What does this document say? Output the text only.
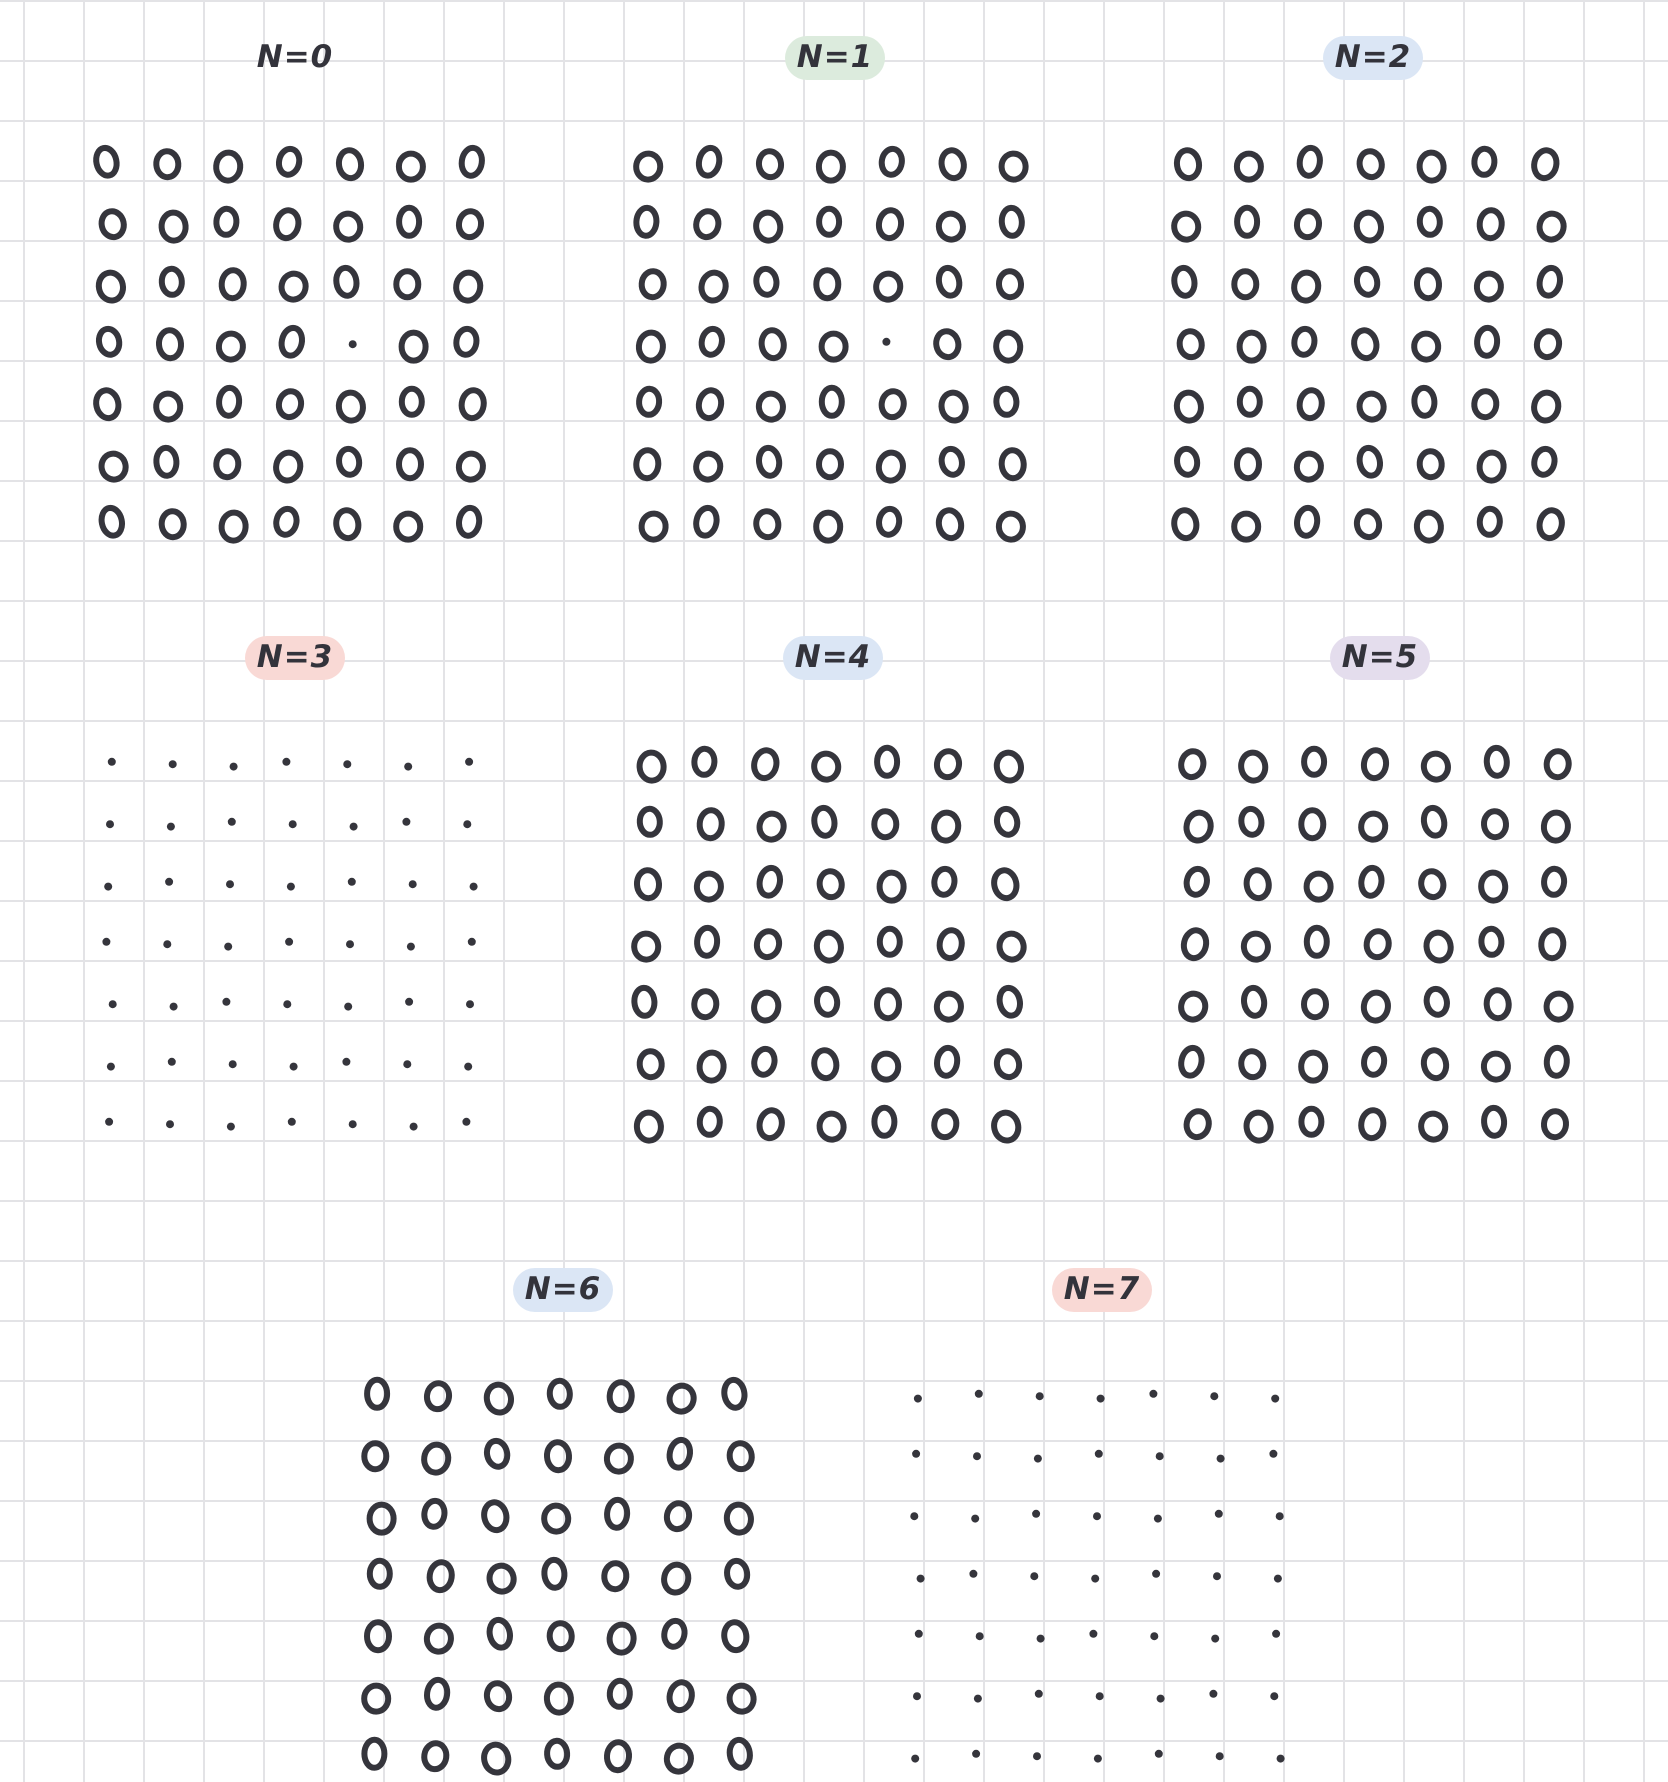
N=0	N=1	N=2
N=3	N=4	N=5
N=6	N=7
